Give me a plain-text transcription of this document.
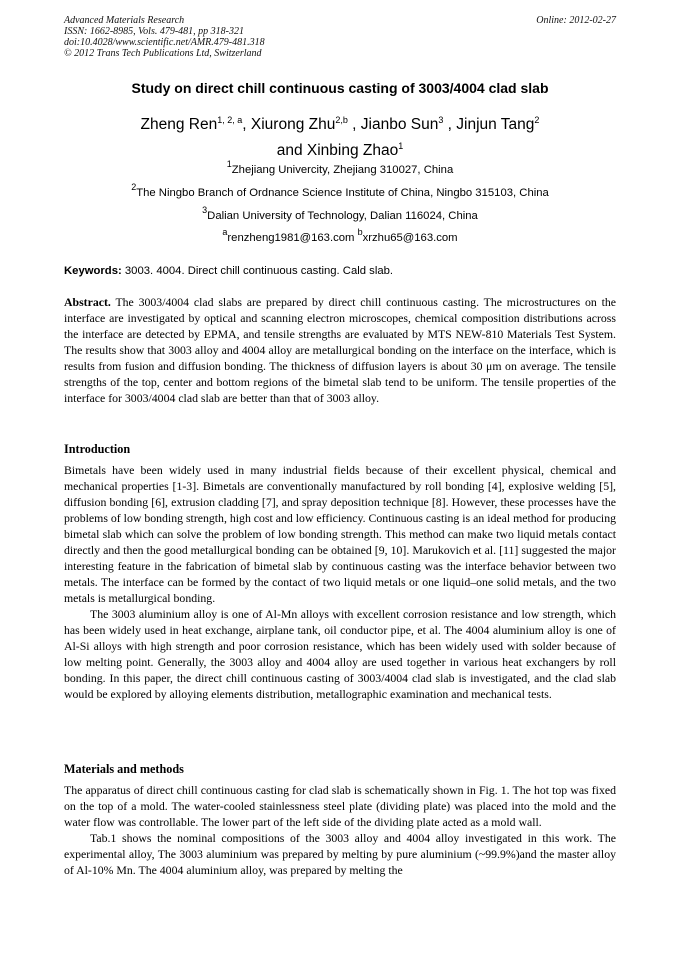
Advanced Materials Research
ISSN: 1662-8985, Vols. 479-481, pp 318-321
doi:10.4028/www.scientific.net/AMR.479-481.318
© 2012 Trans Tech Publications Ltd, Switzerland
Online: 2012-02-27
Study on direct chill continuous casting of 3003/4004 clad slab
Zheng Ren$^{1, 2, a}$, Xiurong Zhu$^{2,b}$ , Jianbo Sun$^3$ , Jinjun Tang$^2$
and Xinbing Zhao$^1$
$^1$Zhejiang Univercity, Zhejiang 310027, China
$^2$The Ningbo Branch of Ordnance Science Institute of China, Ningbo 315103, China
$^3$Dalian University of Technology, Dalian 116024, China
$^a$renzheng1981@163.com $^b$xrzhu65@163.com
Keywords: 3003. 4004. Direct chill continuous casting. Cald slab.
Abstract. The 3003/4004 clad slabs are prepared by direct chill continuous casting. The microstructures on the interface are investigated by optical and scanning electron microscopes, chemical composition distributions across the interface are detected by EPMA, and tensile strengths are evaluated by MTS NEW-810 Materials Test System. The results show that 3003 alloy and 4004 alloy are metallurgical bonding on the interface on the interface, which is results from fusion and diffusion bonding. The thickness of diffusion layers is about 30 μm on average. The tensile strengths of the top, center and bottom regions of the bimetal slab tend to be uniform. The tensile properties of the interface for 3003/4004 clad slab are better than that of 3003 alloy.
Introduction

Bimetals have been widely used in many industrial fields because of their excellent physical, chemical and mechanical properties [1-3]. Bimetals are conventionally manufactured by roll bonding [4], explosive welding [5], diffusion bonding [6], extrusion cladding [7], and spray deposition technique [8]. However, these processes have the problems of low bonding strength, high cost and low efficiency. Continuous casting is an ideal method for producing bimetal slab which can solve the problem of low bonding strength. This method can make two liquid metals contact directly and then the good metallurgical bonding can be obtained [9, 10]. Marukovich et al. [11] suggested the major interesting feature in the fabrication of bimetal slab by continuous casting was the interface behavior between two metals. The interface can be formed by the contact of two liquid metals or one liquid–one solid metals, and the two metals is metallurgical bonding.

The 3003 aluminium alloy is one of Al-Mn alloys with excellent corrosion resistance and low strength, which has been widely used in heat exchange, airplane tank, oil conductor pipe, et al. The 4004 aluminium alloy is one of Al-Si alloys with high strength and poor corrosion resistance, which has been widely used with solder because of low melting point. Generally, the 3003 alloy and 4004 alloy are used together in various heat exchangers by roll bonding. In this paper, the direct chill continuous casting of 3003/4004 clad slab is investigated, and the clad slab would be explored by alloying elements distribution, metallographic examination and mechanical tests.

Materials and methods

The apparatus of direct chill continuous casting for clad slab is schematically shown in Fig. 1. The hot top was fixed on the top of a mold. The water-cooled stainlessness steel plate (dividing plate) was placed into the mold and the water flow was controllable. The lower part of the left side of the dividing plate acted as a mold wall.

Tab.1 shows the nominal compositions of the 3003 alloy and 4004 alloy investigated in this work. The experimental alloy, The 3003 aluminium was prepared by melting by pure aluminium (~99.9%)and the master alloy of Al-10% Mn. The 4004 aluminium alloy, was prepared by melting the
